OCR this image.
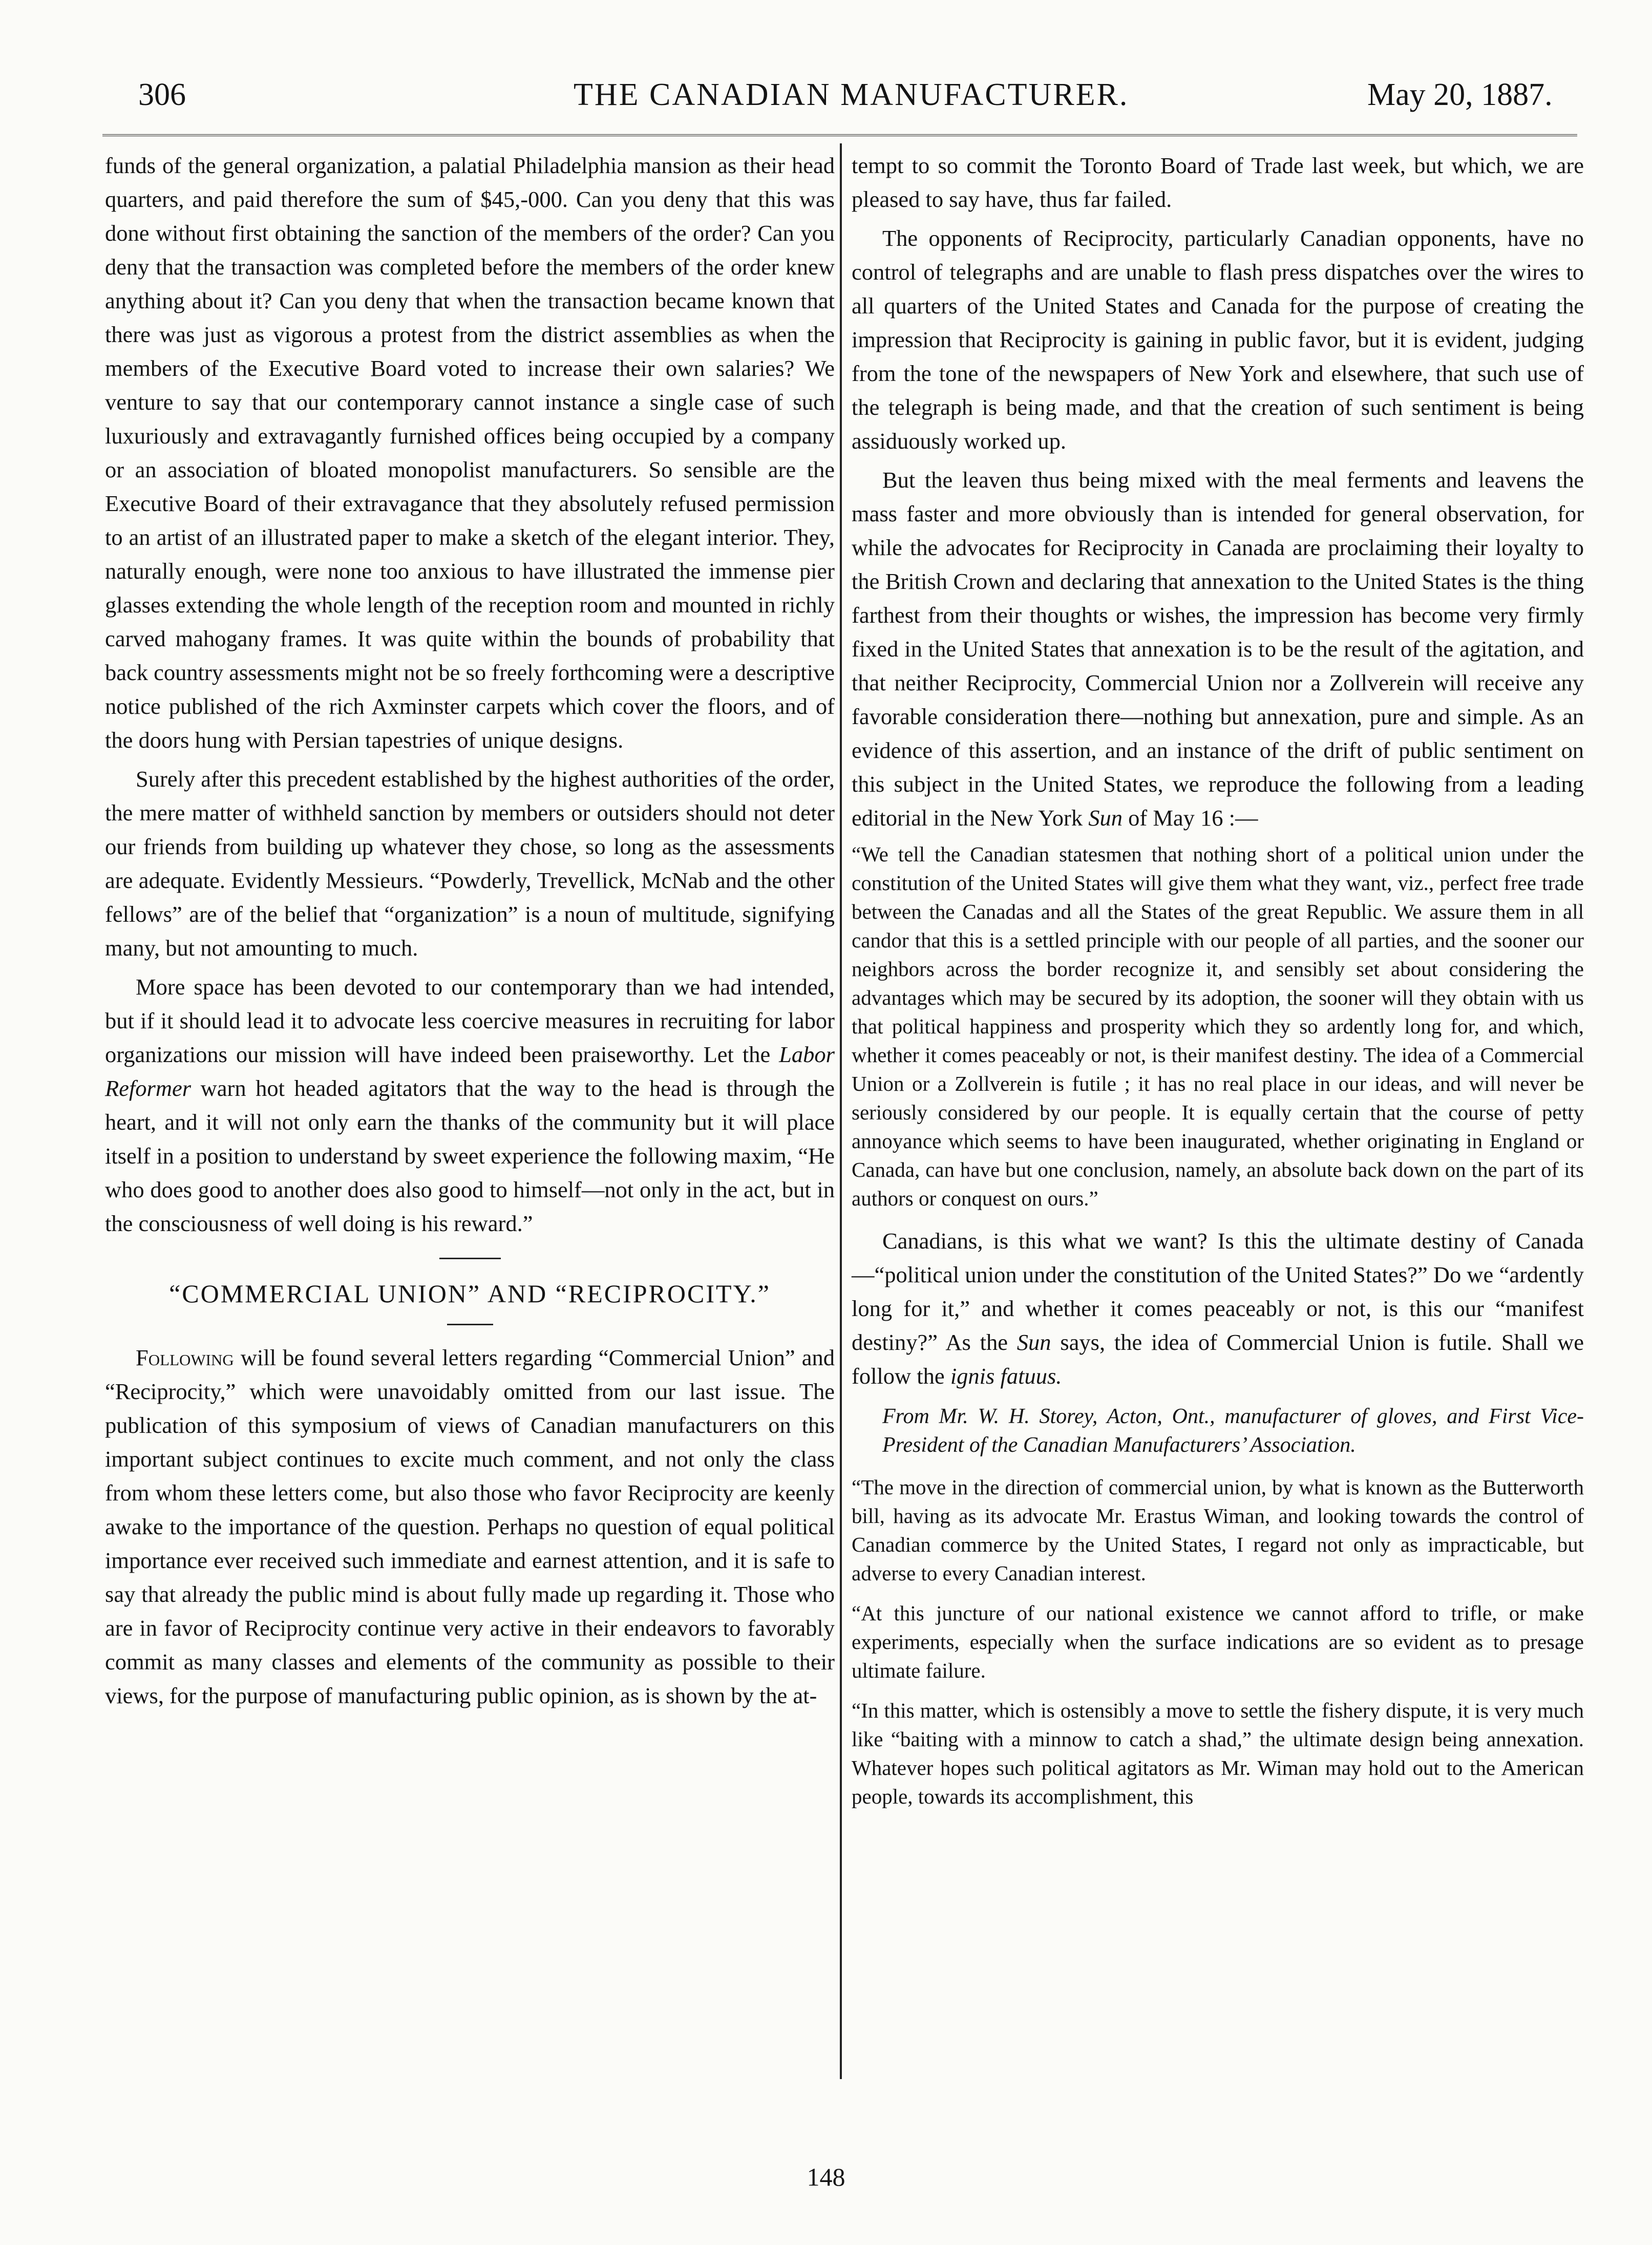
306	THE CANADIAN MANUFACTURER.	May 20, 1887.

funds of the general organization, a palatial Philadelphia mansion as their head quarters, and paid therefore the sum of $45,-000. Can you deny that this was done without first obtaining the sanction of the members of the order? Can you deny that the transaction was completed before the members of the order knew anything about it? Can you deny that when the transaction became known that there was just as vigorous a protest from the district assemblies as when the members of the Executive Board voted to increase their own salaries? We venture to say that our contemporary cannot instance a single case of such luxuriously and extravagantly furnished offices being occupied by a company or an association of bloated monopolist manufacturers. So sensible are the Executive Board of their extravagance that they absolutely refused permission to an artist of an illustrated paper to make a sketch of the elegant interior. They, naturally enough, were none too anxious to have illustrated the immense pier glasses extending the whole length of the reception room and mounted in richly carved mahogany frames. It was quite within the bounds of probability that back country assessments might not be so freely forthcoming were a descriptive notice published of the rich Axminster carpets which cover the floors, and of the doors hung with Persian tapestries of unique designs.

Surely after this precedent established by the highest authorities of the order, the mere matter of withheld sanction by members or outsiders should not deter our friends from building up whatever they chose, so long as the assessments are adequate. Evidently Messieurs. “Powderly, Trevellick, McNab and the other fellows” are of the belief that “organization” is a noun of multitude, signifying many, but not amounting to much.

More space has been devoted to our contemporary than we had intended, but if it should lead it to advocate less coercive measures in recruiting for labor organizations our mission will have indeed been praiseworthy. Let the Labor Reformer warn hot headed agitators that the way to the head is through the heart, and it will not only earn the thanks of the community but it will place itself in a position to understand by sweet experience the following maxim, “He who does good to another does also good to himself—not only in the act, but in the consciousness of well doing is his reward.”

“COMMERCIAL UNION” AND “RECIPROCITY.”

Following will be found several letters regarding “Commercial Union” and “Reciprocity,” which were unavoidably omitted from our last issue. The publication of this symposium of views of Canadian manufacturers on this important subject continues to excite much comment, and not only the class from whom these letters come, but also those who favor Reciprocity are keenly awake to the importance of the question. Perhaps no question of equal political importance ever received such immediate and earnest attention, and it is safe to say that already the public mind is about fully made up regarding it. Those who are in favor of Reciprocity continue very active in their endeavors to favorably commit as many classes and elements of the community as possible to their views, for the purpose of manufacturing public opinion, as is shown by the at-

tempt to so commit the Toronto Board of Trade last week, but which, we are pleased to say have, thus far failed.

The opponents of Reciprocity, particularly Canadian opponents, have no control of telegraphs and are unable to flash press dispatches over the wires to all quarters of the United States and Canada for the purpose of creating the impression that Reciprocity is gaining in public favor, but it is evident, judging from the tone of the newspapers of New York and elsewhere, that such use of the telegraph is being made, and that the creation of such sentiment is being assiduously worked up.

But the leaven thus being mixed with the meal ferments and leavens the mass faster and more obviously than is intended for general observation, for while the advocates for Reciprocity in Canada are proclaiming their loyalty to the British Crown and declaring that annexation to the United States is the thing farthest from their thoughts or wishes, the impression has become very firmly fixed in the United States that annexation is to be the result of the agitation, and that neither Reciprocity, Commercial Union nor a Zollverein will receive any favorable consideration there—nothing but annexation, pure and simple. As an evidence of this assertion, and an instance of the drift of public sentiment on this subject in the United States, we reproduce the following from a leading editorial in the New York Sun of May 16 :—

“We tell the Canadian statesmen that nothing short of a political union under the constitution of the United States will give them what they want, viz., perfect free trade between the Canadas and all the States of the great Republic. We assure them in all candor that this is a settled principle with our people of all parties, and the sooner our neighbors across the border recognize it, and sensibly set about considering the advantages which may be secured by its adoption, the sooner will they obtain with us that political happiness and prosperity which they so ardently long for, and which, whether it comes peaceably or not, is their manifest destiny. The idea of a Commercial Union or a Zollverein is futile ; it has no real place in our ideas, and will never be seriously considered by our people. It is equally certain that the course of petty annoyance which seems to have been inaugurated, whether originating in England or Canada, can have but one conclusion, namely, an absolute back down on the part of its authors or conquest on ours.”

Canadians, is this what we want? Is this the ultimate destiny of Canada—“political union under the constitution of the United States?” Do we “ardently long for it,” and whether it comes peaceably or not, is this our “manifest destiny?” As the Sun says, the idea of Commercial Union is futile. Shall we follow the ignis fatuus.

From Mr. W. H. Storey, Acton, Ont., manufacturer of gloves, and First Vice-President of the Canadian Manufacturers’ Association.

“The move in the direction of commercial union, by what is known as the Butterworth bill, having as its advocate Mr. Erastus Wiman, and looking towards the control of Canadian commerce by the United States, I regard not only as impracticable, but adverse to every Canadian interest.

“At this juncture of our national existence we cannot afford to trifle, or make experiments, especially when the surface indications are so evident as to presage ultimate failure.

“In this matter, which is ostensibly a move to settle the fishery dispute, it is very much like “baiting with a minnow to catch a shad,” the ultimate design being annexation. Whatever hopes such political agitators as Mr. Wiman may hold out to the American people, towards its accomplishment, this

148
